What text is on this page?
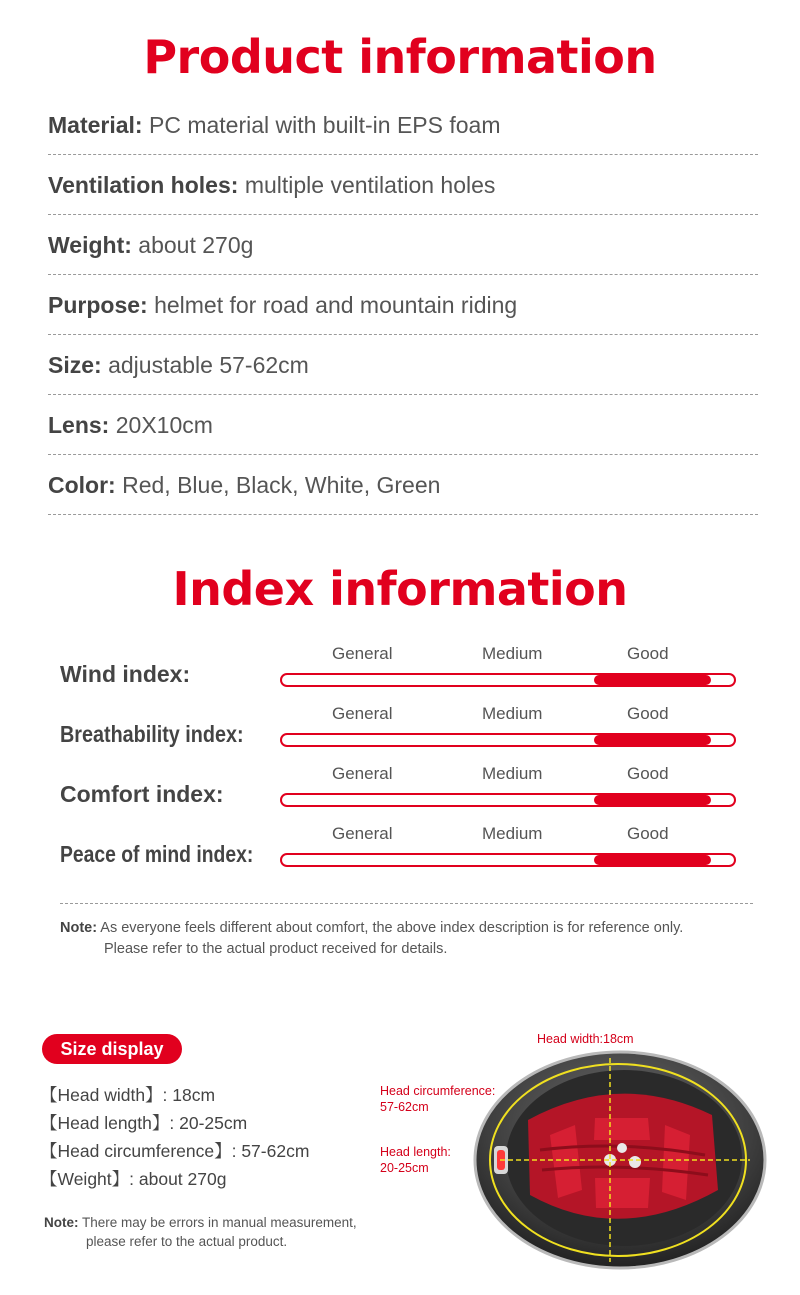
Product information
Material: PC material with built-in EPS foam
Ventilation holes: multiple ventilation holes
Weight: about 270g
Purpose: helmet for road and mountain riding
Size: adjustable 57-62cm
Lens: 20X10cm
Color: Red, Blue, Black, White, Green
Index information
Wind index:
General	Medium	Good
Breathability index:
General	Medium	Good
Comfort index:
General	Medium	Good
Peace of mind index:
General	Medium	Good
Note: As everyone feels different about comfort, the above index description is for reference only.
Please refer to the actual product received for details.
Size display
【Head width】: 18cm
【Head length】: 20-25cm
【Head circumference】: 57-62cm
【Weight】: about 270g
Note: There may be errors in manual measurement,
please refer to the actual product.
Head width:18cm
Head circumference:
57-62cm
Head length:
20-25cm
